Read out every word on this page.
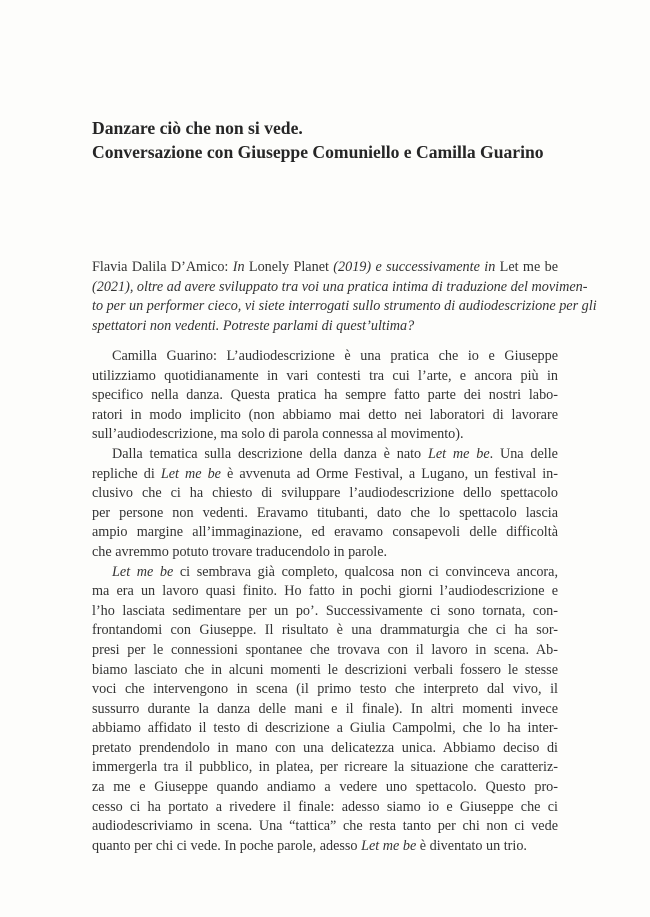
Danzare ciò che non si vede.
Conversazione con Giuseppe Comuniello e Camilla Guarino
Flavia Dalila D’Amico: In Lonely Planet (2019) e successivamente in Let me be
(2021), oltre ad avere sviluppato tra voi una pratica intima di traduzione del movimen-
to per un performer cieco, vi siete interrogati sullo strumento di audiodescrizione per gli
spettatori non vedenti. Potreste parlami di quest’ultima?
Camilla Guarino: L’audiodescrizione è una pratica che io e Giuseppe
utilizziamo quotidianamente in vari contesti tra cui l’arte, e ancora più in
specifico nella danza. Questa pratica ha sempre fatto parte dei nostri labo-
ratori in modo implicito (non abbiamo mai detto nei laboratori di lavorare
sull’audiodescrizione, ma solo di parola connessa al movimento).
Dalla tematica sulla descrizione della danza è nato Let me be. Una delle
repliche di Let me be è avvenuta ad Orme Festival, a Lugano, un festival in-
clusivo che ci ha chiesto di sviluppare l’audiodescrizione dello spettacolo
per persone non vedenti. Eravamo titubanti, dato che lo spettacolo lascia
ampio margine all’immaginazione, ed eravamo consapevoli delle difficoltà
che avremmo potuto trovare traducendolo in parole.
Let me be ci sembrava già completo, qualcosa non ci convinceva ancora,
ma era un lavoro quasi finito. Ho fatto in pochi giorni l’audiodescrizione e
l’ho lasciata sedimentare per un po’. Successivamente ci sono tornata, con-
frontandomi con Giuseppe. Il risultato è una drammaturgia che ci ha sor-
presi per le connessioni spontanee che trovava con il lavoro in scena. Ab-
biamo lasciato che in alcuni momenti le descrizioni verbali fossero le stesse
voci che intervengono in scena (il primo testo che interpreto dal vivo, il
sussurro durante la danza delle mani e il finale). In altri momenti invece
abbiamo affidato il testo di descrizione a Giulia Campolmi, che lo ha inter-
pretato prendendolo in mano con una delicatezza unica. Abbiamo deciso di
immergerla tra il pubblico, in platea, per ricreare la situazione che caratteriz-
za me e Giuseppe quando andiamo a vedere uno spettacolo. Questo pro-
cesso ci ha portato a rivedere il finale: adesso siamo io e Giuseppe che ci
audiodescriviamo in scena. Una “tattica” che resta tanto per chi non ci vede
quanto per chi ci vede. In poche parole, adesso Let me be è diventato un trio.
